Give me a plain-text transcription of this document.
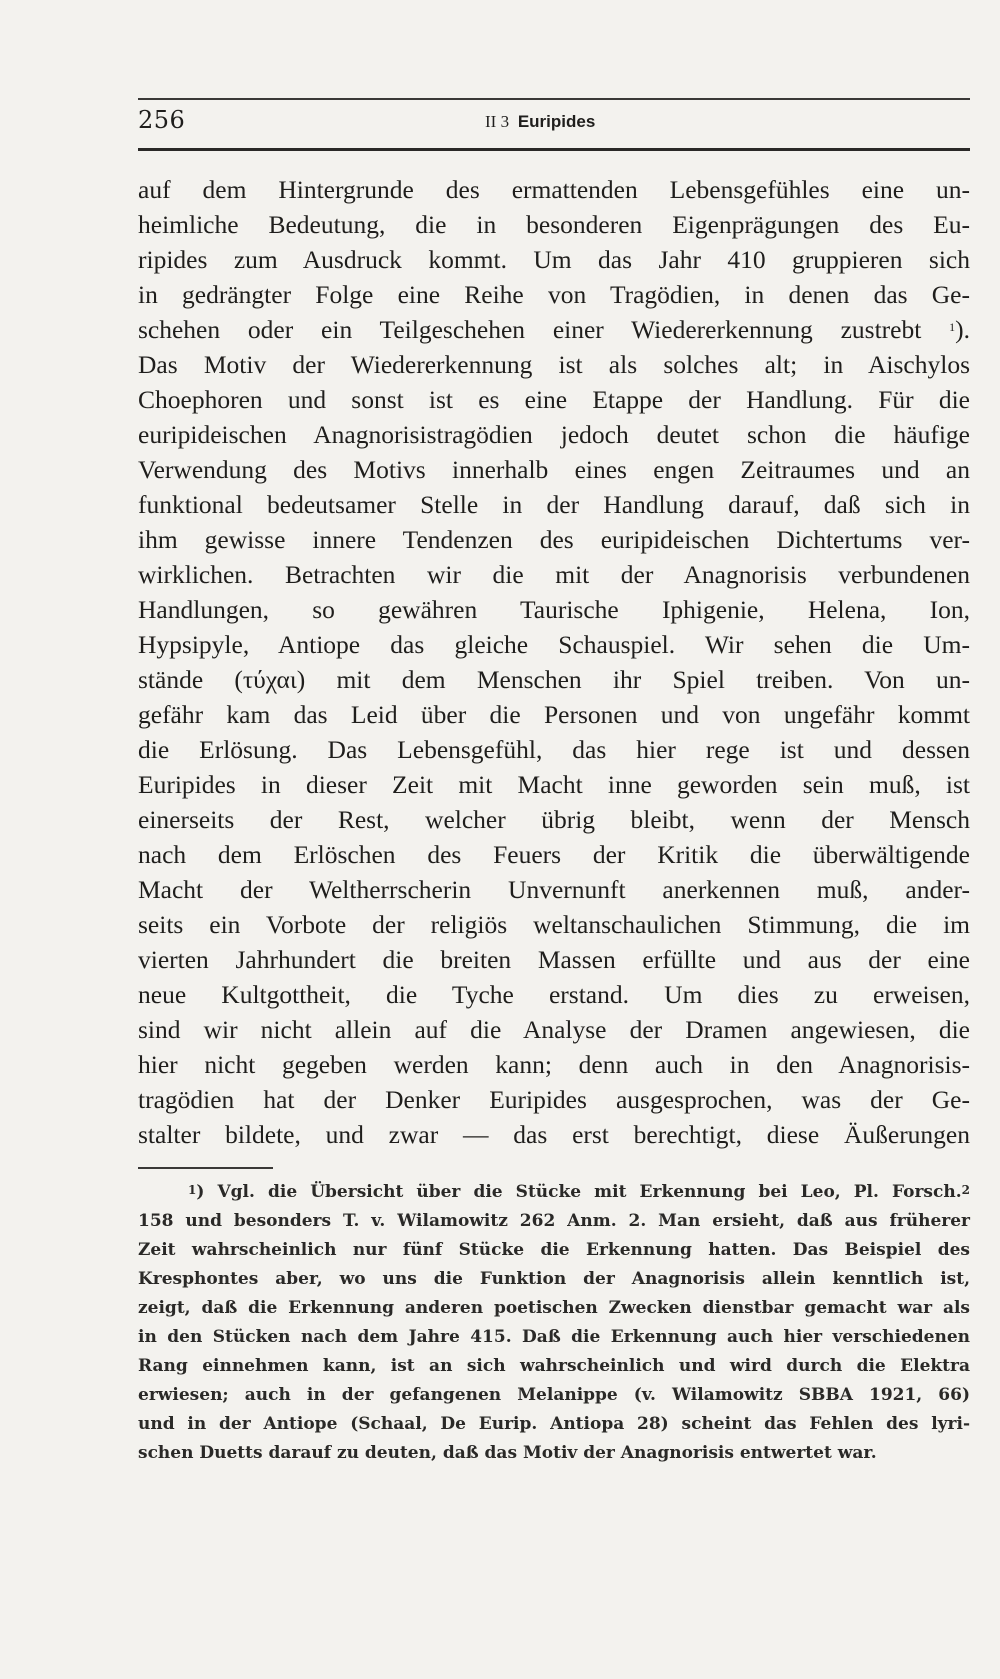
256	II 3 Euripides
auf dem Hintergrunde des ermattenden Lebensgefühles eine un-
heimliche Bedeutung, die in besonderen Eigenprägungen des Eu-
ripides zum Ausdruck kommt. Um das Jahr 410 gruppieren sich
in gedrängter Folge eine Reihe von Tragödien, in denen das Ge-
schehen oder ein Teilgeschehen einer Wiedererkennung zustrebt $^1$).
Das Motiv der Wiedererkennung ist als solches alt; in Aischylos
Choephoren und sonst ist es eine Etappe der Handlung. Für die
euripideischen Anagnorisistragödien jedoch deutet schon die häufige
Verwendung des Motivs innerhalb eines engen Zeitraumes und an
funktional bedeutsamer Stelle in der Handlung darauf, daß sich in
ihm gewisse innere Tendenzen des euripideischen Dichtertums ver-
wirklichen. Betrachten wir die mit der Anagnorisis verbundenen
Handlungen, so gewähren Taurische Iphigenie, Helena, Ion,
Hypsipyle, Antiope das gleiche Schauspiel. Wir sehen die Um-
stände (τύχαι) mit dem Menschen ihr Spiel treiben. Von un-
gefähr kam das Leid über die Personen und von ungefähr kommt
die Erlösung. Das Lebensgefühl, das hier rege ist und dessen
Euripides in dieser Zeit mit Macht inne geworden sein muß, ist
einerseits der Rest, welcher übrig bleibt, wenn der Mensch
nach dem Erlöschen des Feuers der Kritik die überwältigende
Macht der Weltherrscherin Unvernunft anerkennen muß, ander-
seits ein Vorbote der religiös weltanschaulichen Stimmung, die im
vierten Jahrhundert die breiten Massen erfüllte und aus der eine
neue Kultgottheit, die Tyche erstand. Um dies zu erweisen,
sind wir nicht allein auf die Analyse der Dramen angewiesen, die
hier nicht gegeben werden kann; denn auch in den Anagnorisis-
tragödien hat der Denker Euripides ausgesprochen, was der Ge-
stalter bildete, und zwar — das erst berechtigt, diese Äußerungen
$^1$) Vgl. die Übersicht über die Stücke mit Erkennung bei Leo, Pl. Forsch.$^2$
158 und besonders T. v. Wilamowitz 262 Anm. 2. Man ersieht, daß aus früherer
Zeit wahrscheinlich nur fünf Stücke die Erkennung hatten. Das Beispiel des
Kresphontes aber, wo uns die Funktion der Anagnorisis allein kenntlich ist,
zeigt, daß die Erkennung anderen poetischen Zwecken dienstbar gemacht war als
in den Stücken nach dem Jahre 415. Daß die Erkennung auch hier verschiedenen
Rang einnehmen kann, ist an sich wahrscheinlich und wird durch die Elektra
erwiesen; auch in der gefangenen Melanippe (v. Wilamowitz SBBA 1921, 66)
und in der Antiope (Schaal, De Eurip. Antiopa 28) scheint das Fehlen des lyri-
schen Duetts darauf zu deuten, daß das Motiv der Anagnorisis entwertet war.
